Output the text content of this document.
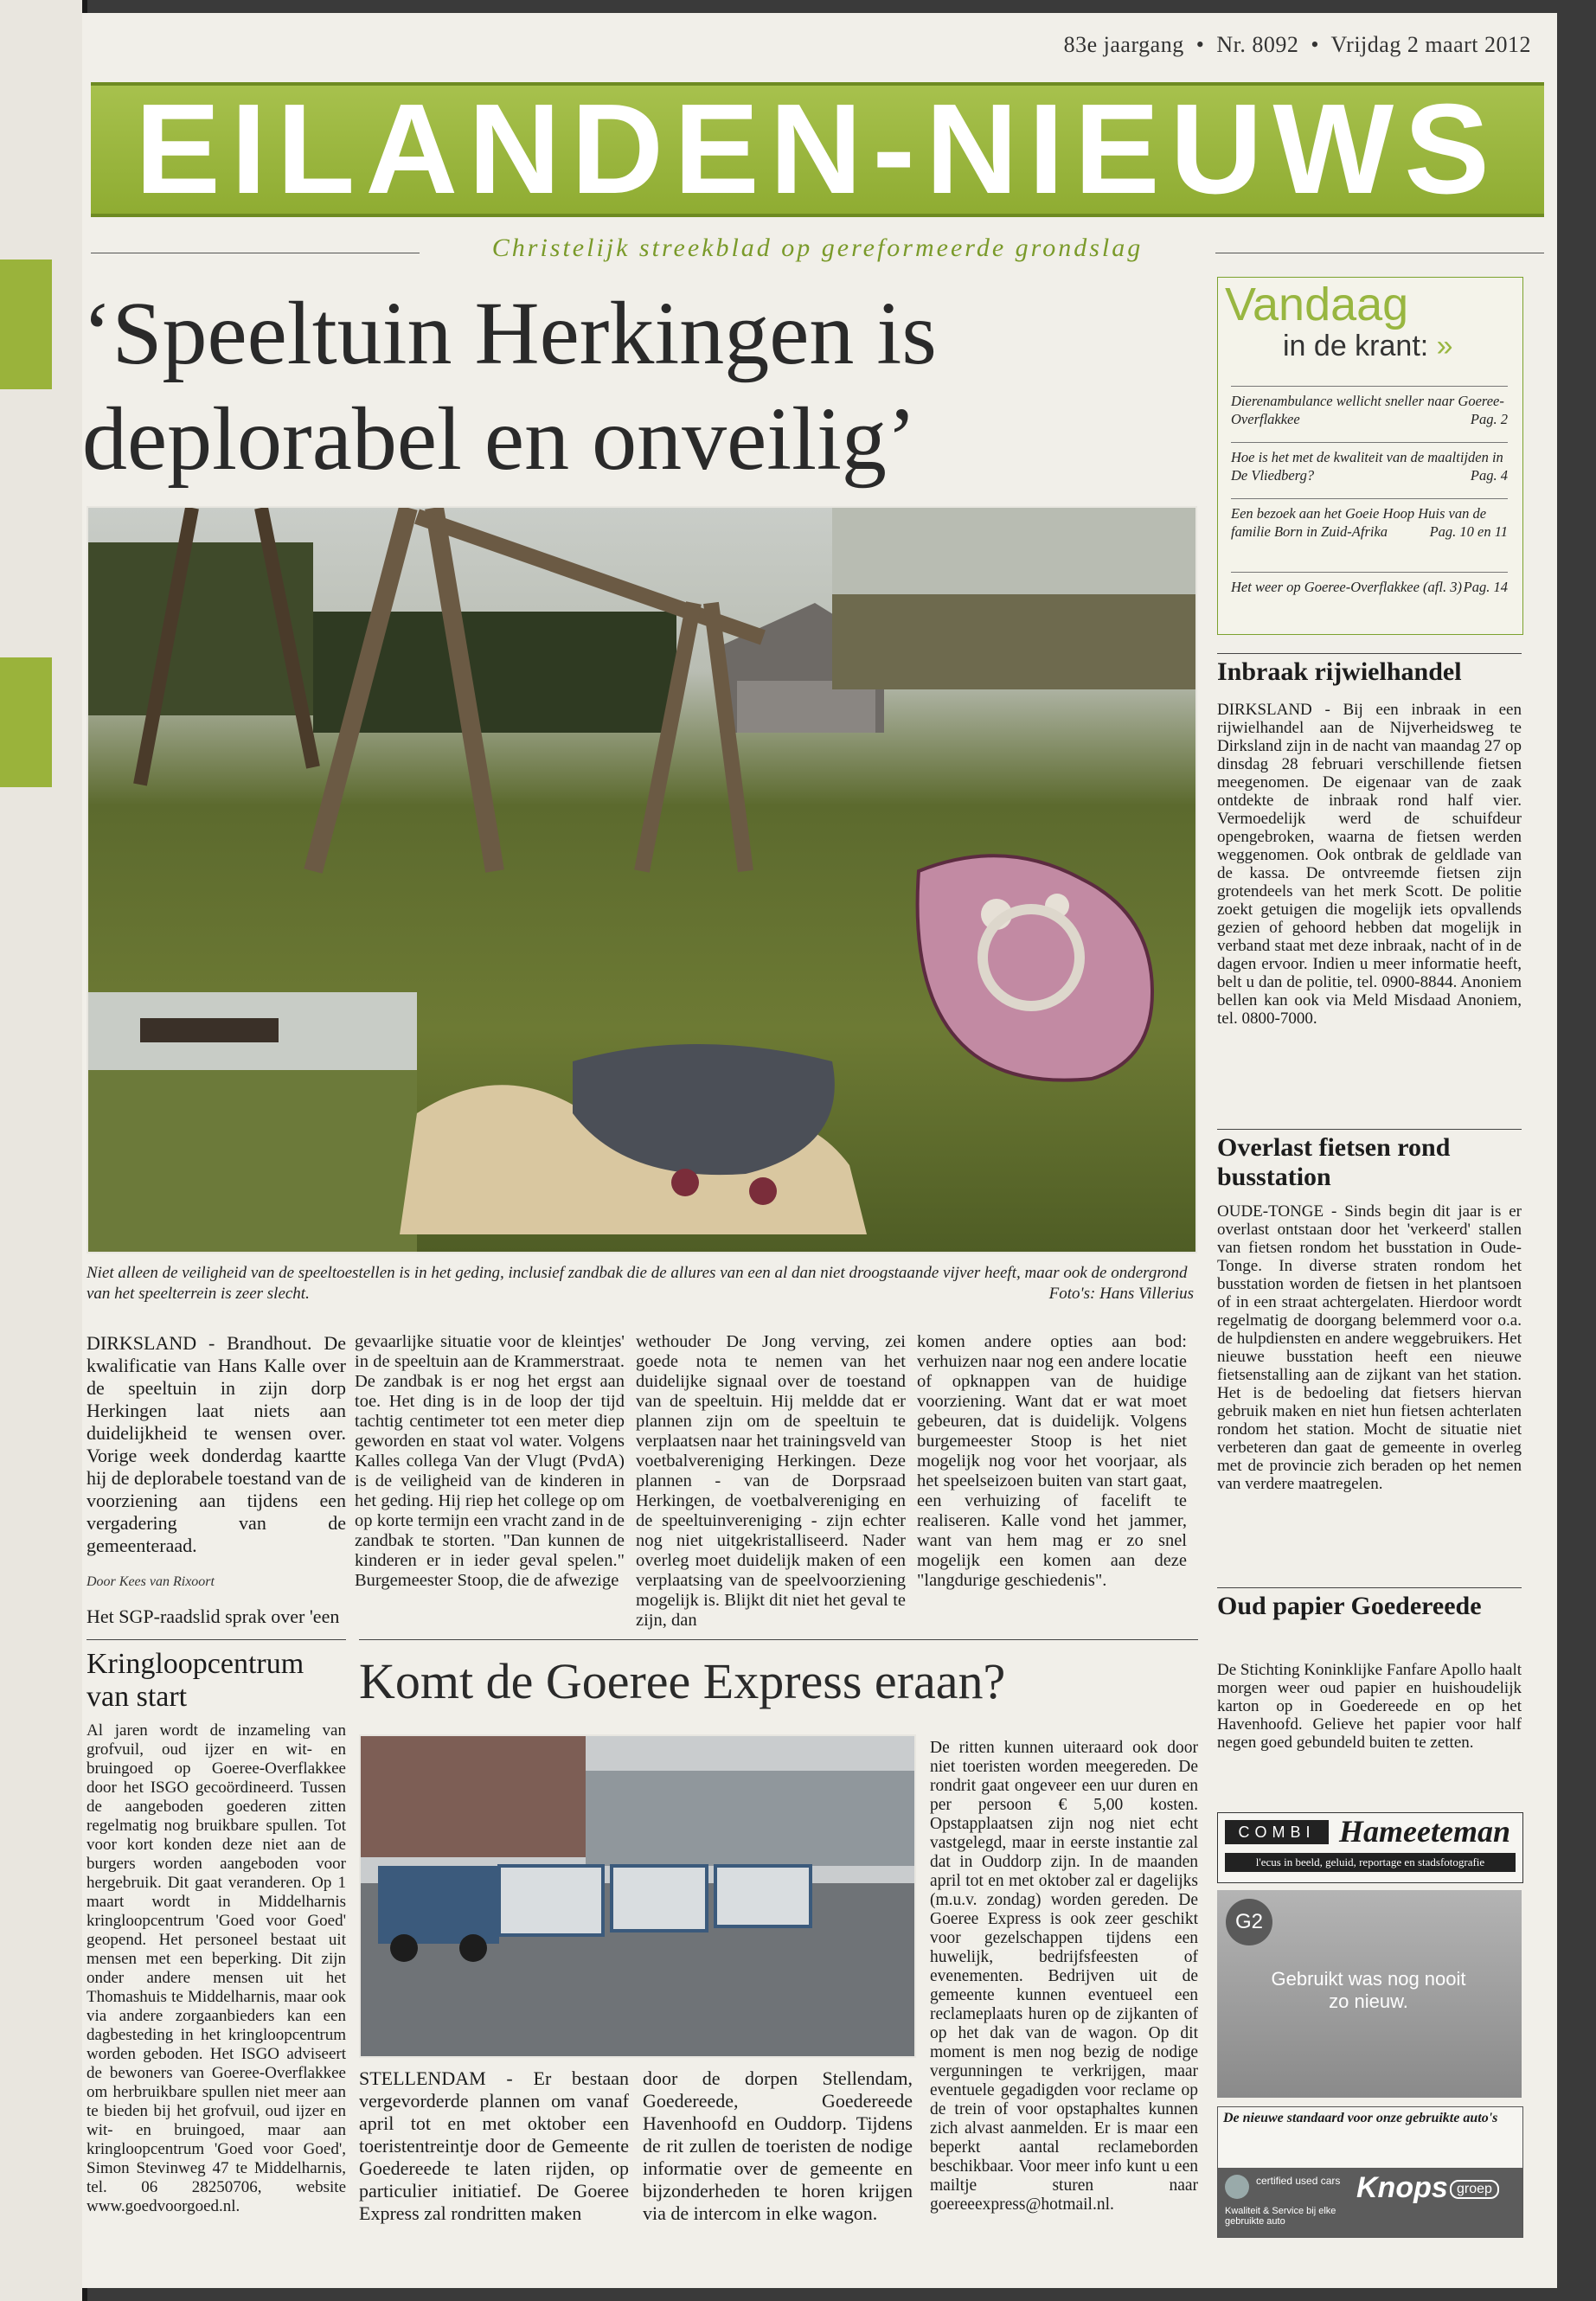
83e jaargang • Nr. 8092 • Vrijdag 2 maart 2012
EILANDEN-NIEUWS
Christelijk streekblad op gereformeerde grondslag
‘Speeltuin Herkingen is deplorabel en onveilig’
Niet alleen de veiligheid van de speeltoestellen is in het geding, inclusief zandbak die de allures van een al dan niet droogstaande vijver heeft, maar ook de ondergrond van het speelterrein is zeer slecht.	Foto's: Hans Villerius

DIRKSLAND - Brandhout. De kwalificatie van Hans Kalle over de speeltuin in zijn dorp Herkingen laat niets aan duidelijkheid te wensen over. Vorige week donderdag kaartte hij de deplorabele toestand van de voorziening aan tijdens een vergadering van de gemeenteraad.

Door Kees van Rixoort

Het SGP-raadslid sprak over 'een

gevaarlijke situatie voor de kleintjes' in de speeltuin aan de Krammerstraat. De zandbak is er nog het ergst aan toe. Het ding is in de loop der tijd tachtig centimeter tot een meter diep geworden en staat vol water. Volgens Kalles collega Van der Vlugt (PvdA) is de veiligheid van de kinderen in het geding. Hij riep het college op om op korte termijn een vracht zand in de zandbak te storten. "Dan kunnen de kinderen er in ieder geval spelen." Burgemeester Stoop, die de afwezige
wethouder De Jong verving, zei goede nota te nemen van het duidelijke signaal over de toestand van de speeltuin. Hij meldde dat er plannen zijn om de speeltuin te verplaatsen naar het trainingsveld van voetbalvereniging Herkingen. Deze plannen - van de Dorpsraad Herkingen, de voetbalvereniging en de speeltuinvereniging - zijn echter nog niet uitgekristalliseerd. Nader overleg moet duidelijk maken of een verplaatsing van de speelvoorziening mogelijk is. Blijkt dit niet het geval te zijn, dan
komen andere opties aan bod: verhuizen naar nog een andere locatie of opknappen van de huidige voorziening. Want dat er wat moet gebeuren, dat is duidelijk. Volgens burgemeester Stoop is het niet mogelijk nog voor het voorjaar, als het speelseizoen buiten van start gaat, een verhuizing of facelift te realiseren. Kalle vond het jammer, want van hem mag er zo snel mogelijk een komen aan deze "langdurige geschiedenis".
Vandaag
in de krant: »
Dierenambulance wellicht sneller naar Goeree-Overflakkee	Pag. 2
Hoe is het met de kwaliteit van de maaltijden in De Vliedberg?	Pag. 4
Een bezoek aan het Goeie Hoop Huis van de familie Born in Zuid-Afrika	Pag. 10 en 11
Het weer op Goeree-Overflakkee (afl. 3) Pag. 14
Inbraak rijwielhandel
DIRKSLAND - Bij een inbraak in een rijwielhandel aan de Nijverheidsweg te Dirksland zijn in de nacht van maandag 27 op dinsdag 28 februari verschillende fietsen meegenomen. De eigenaar van de zaak ontdekte de inbraak rond half vier. Vermoedelijk werd de schuifdeur opengebroken, waarna de fietsen werden weggenomen. Ook ontbrak de geldlade van de kassa. De ontvreemde fietsen zijn grotendeels van het merk Scott. De politie zoekt getuigen die mogelijk iets opvallends gezien of gehoord hebben dat mogelijk in verband staat met deze inbraak, nacht of in de dagen ervoor. Indien u meer informatie heeft, belt u dan de politie, tel. 0900-8844. Anoniem bellen kan ook via Meld Misdaad Anoniem, tel. 0800-7000.
Overlast fietsen rond busstation
OUDE-TONGE - Sinds begin dit jaar is er overlast ontstaan door het 'verkeerd' stallen van fietsen rondom het busstation in Oude-Tonge. In diverse straten rondom het busstation worden de fietsen in het plantsoen of in een straat achtergelaten. Hierdoor wordt regelmatig de doorgang belemmerd voor o.a. de hulpdiensten en andere weggebruikers. Het nieuwe busstation heeft een nieuwe fietsenstalling aan de zijkant van het station. Het is de bedoeling dat fietsers hiervan gebruik maken en niet hun fietsen achterlaten rondom het station. Mocht de situatie niet verbeteren dan gaat de gemeente in overleg met de provincie zich beraden op het nemen van verdere maatregelen.
Oud papier Goedereede
De Stichting Koninklijke Fanfare Apollo haalt morgen weer oud papier en huishoudelijk karton op in Goedereede en op het Havenhoofd. Gelieve het papier voor half negen goed gebundeld buiten te zetten.
Kringloopcentrum van start
Al jaren wordt de inzameling van grofvuil, oud ijzer en wit- en bruingoed op Goeree-Overflakkee door het ISGO gecoördineerd. Tussen de aangeboden goederen zitten regelmatig nog bruikbare spullen. Tot voor kort konden deze niet aan de burgers worden aangeboden voor hergebruik. Dit gaat veranderen. Op 1 maart wordt in Middelharnis kringloopcentrum 'Goed voor Goed' geopend. Het personeel bestaat uit mensen met een beperking. Dit zijn onder andere mensen uit het Thomashuis te Middelharnis, maar ook via andere zorgaanbieders kan een dagbesteding in het kringloopcentrum worden geboden. Het ISGO adviseert de bewoners van Goeree-Overflakkee om herbruikbare spullen niet meer aan te bieden bij het grofvuil, oud ijzer en wit- en bruingoed, maar aan kringloopcentrum 'Goed voor Goed', Simon Stevinweg 47 te Middelharnis, tel. 06 28250706, website www.goedvoorgoed.nl.
Komt de Goeree Express eraan?
STELLENDAM - Er bestaan vergevorderde plannen om vanaf april tot en met oktober een toeristentreintje door de Gemeente Goedereede te laten rijden, op particulier initiatief. De Goeree Express zal rondritten maken
door de dorpen Stellendam, Goedereede, Goedereede Havenhoofd en Ouddorp. Tijdens de rit zullen de toeristen de nodige informatie over de gemeente en bijzonderheden te horen krijgen via de intercom in elke wagon.
De ritten kunnen uiteraard ook door niet toeristen worden meegereden. De rondrit gaat ongeveer een uur duren en per persoon € 5,00 kosten. Opstapplaatsen zijn nog niet echt vastgelegd, maar in eerste instantie zal dat in Ouddorp zijn. In de maanden april tot en met oktober zal er dagelijks (m.u.v. zondag) worden gereden. De Goeree Express is ook zeer geschikt voor gezelschappen tijdens een huwelijk, bedrijfsfeesten of evenementen. Bedrijven uit de gemeente kunnen eventueel een reclameplaats huren op de zijkanten of op het dak van de wagon. Op dit moment is men nog bezig de nodige vergunningen te verkrijgen, maar eventuele gegadigden voor reclame op de trein of voor opstaphaltes kunnen zich alvast aanmelden. Er is maar een beperkt aantal reclameborden beschikbaar. Voor meer info kunt u een mailtje sturen naar goereeexpress@hotmail.nl.
COMBI Hameeteman
l'ecus in beeld, geluid, reportage en stadsfotografie
G2
Gebruikt was nog nooit zo nieuw.
De nieuwe standaard voor onze gebruikte auto's
certified used cars
Kwaliteit & Service bij elke gebruikte auto
Knops groep
